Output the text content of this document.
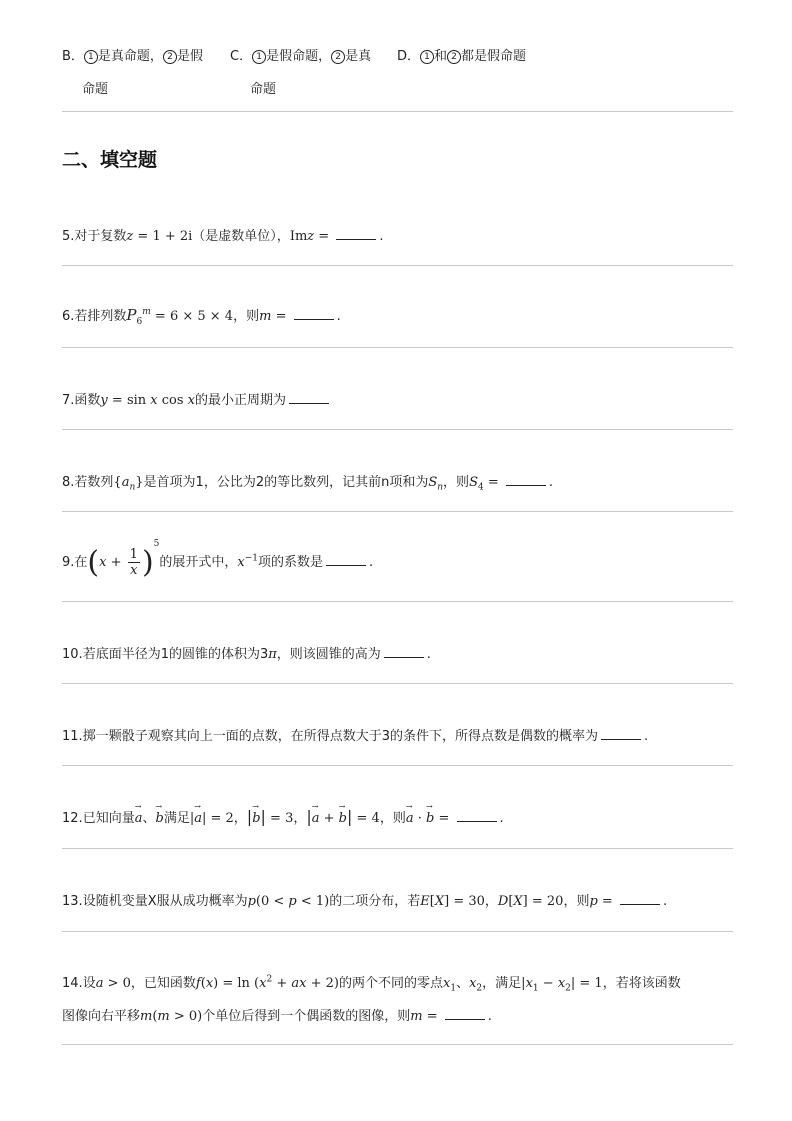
B． 1 是真命题， 2 是假
命题
C． 1 是假命题， 2 是真
命题
D． 1 和 2 都是假命题
二、填空题
5.对于复数z = 1 + 2i（是虚数单位），Imz =	.
6.若排列数$P_6^m = 6 \times 5 \times 4$，则m =	.
7.函数y = sin x cos x的最小正周期为
8.若数列$\{a_n\}$是首项为1，公比为2的等比数列，记其前n项和为$S_n$，则$S_4$ =	.
9.在$(x + \frac{1}{x} )^5$的展开式中，$x^{-1}$项的系数是	.
10.若底面半径为1的圆锥的体积为3π，则该圆锥的高为	.
11.掷一颗骰子观察其向上一面的点数，在所得点数大于3的条件下，所得点数是偶数的概率为	.
12.已知向量→ a、→ b满足|→ a| = 2，|→ b| = 3，|→ a + → b| = 4，则→ a · → b =	.
13.设随机变量X服从成功概率为p(0 < p < 1)的二项分布，若E[X] = 30，D[X] = 20，则p =	.
14.设a > 0，已知函数$f(x) = \ln (x^2$ + ax + 2)的两个不同的零点$x_1$、$x_2$，满足$|x_1 - x_2| = 1$，若将该函数
图像向右平移m(m > 0)个单位后得到一个偶函数的图像，则m =	.
